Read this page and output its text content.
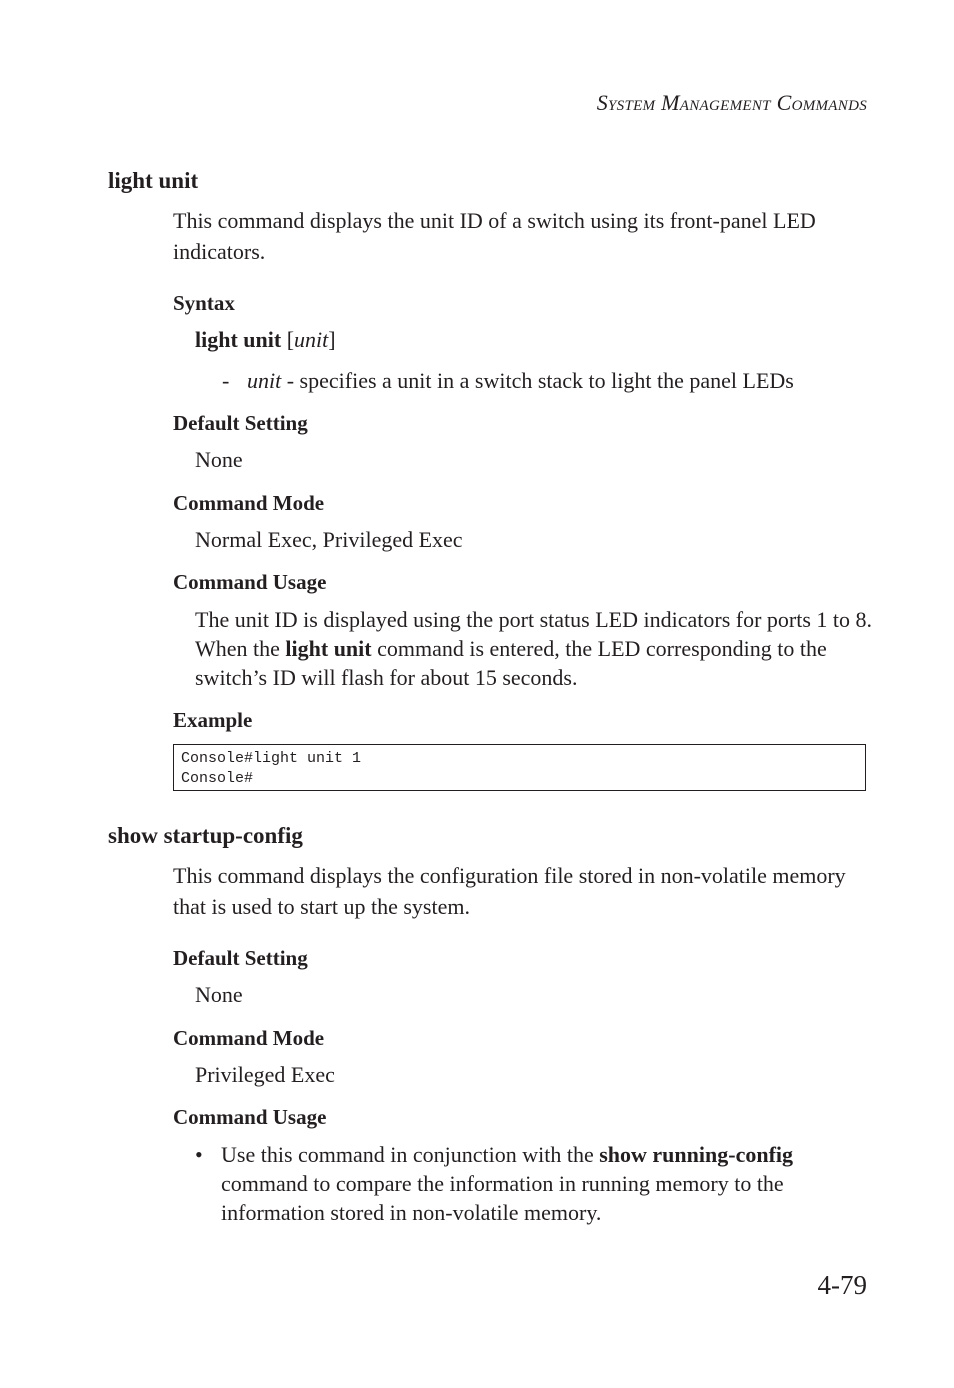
System Management Commands
light unit
This command displays the unit ID of a switch using its front-panel LED indicators.
Syntax
light unit [unit]
- unit - specifies a unit in a switch stack to light the panel LEDs
Default Setting
None
Command Mode
Normal Exec, Privileged Exec
Command Usage
The unit ID is displayed using the port status LED indicators for ports 1 to 8. When the light unit command is entered, the LED corresponding to the switch’s ID will flash for about 15 seconds.
Example
Console#light unit 1
Console#
show startup-config
This command displays the configuration file stored in non-volatile memory that is used to start up the system.
Default Setting
None
Command Mode
Privileged Exec
Command Usage
• Use this command in conjunction with the show running-config command to compare the information in running memory to the information stored in non-volatile memory.
4-79
